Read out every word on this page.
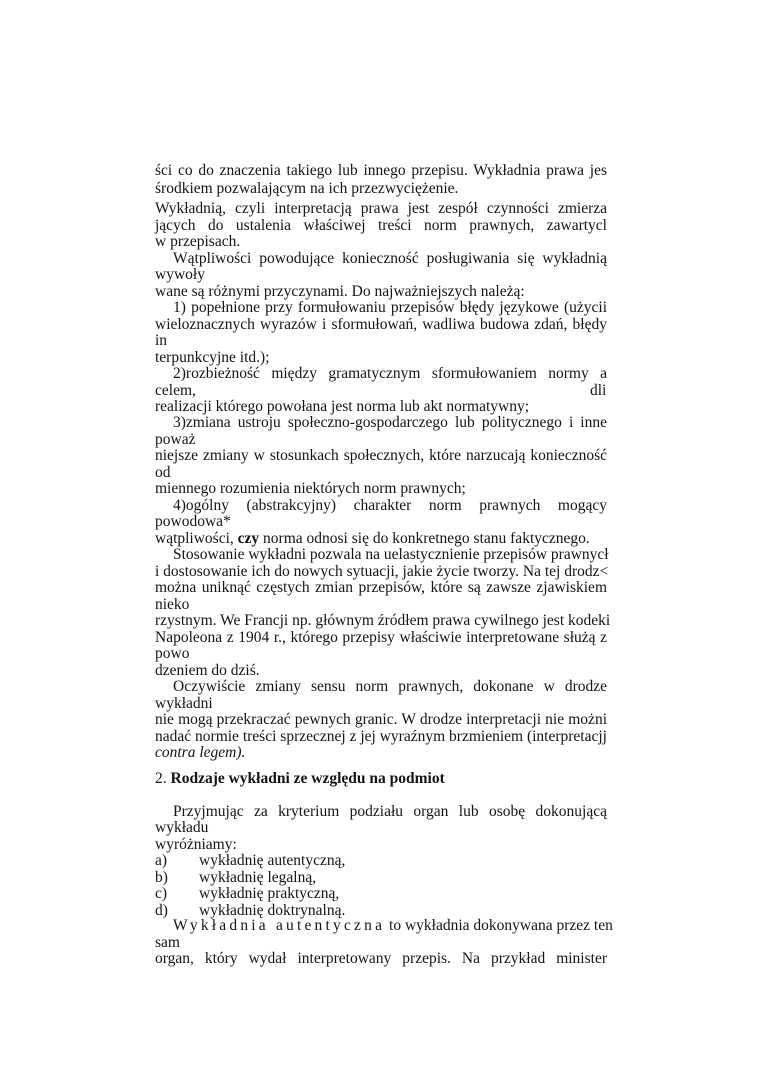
ści co do znaczenia takiego lub innego przepisu. Wykładnia prawa jes
środkiem pozwalającym na ich przezwyciężenie.
Wykładnią, czyli interpretacją prawa jest zespół czynności zmierza
jących do ustalenia właściwej treści norm prawnych, zawartycl
w przepisach.
Wątpliwości powodujące konieczność posługiwania się wykładnią
wywoły
wane są różnymi przyczynami. Do najważniejszych należą:
1) popełnione przy formułowaniu przepisów błędy językowe (użycii
wieloznacznych wyrazów i sformułowań, wadliwa budowa zdań, błędy
in
terpunkcyjne itd.);
2)rozbieżność między gramatycznym sformułowaniem normy a
celem,	dli
realizacji którego powołana jest norma lub akt normatywny;
3)zmiana ustroju społeczno-gospodarczego lub politycznego i inne
poważ
niejsze zmiany w stosunkach społecznych, które narzucają konieczność
od
miennego rozumienia niektórych norm prawnych;
4)ogólny (abstrakcyjny) charakter norm prawnych mogący
powodowa*
wątpliwości, czy norma odnosi się do konkretnego stanu faktycznego.
Stosowanie wykładni pozwala na uelastycznienie przepisów prawnycł
i dostosowanie ich do nowych sytuacji, jakie życie tworzy. Na tej drodz<
można uniknąć częstych zmian przepisów, które są zawsze zjawiskiem
nieko
rzystnym. We Francji np. głównym źródłem prawa cywilnego jest kodeki
Napoleona z 1904 r., którego przepisy właściwie interpretowane służą z
powo
dzeniem do dziś.
Oczywiście zmiany sensu norm prawnych, dokonane w drodze
wykładni
nie mogą przekraczać pewnych granic. W drodze interpretacji nie możni
nadać normie treści sprzecznej z jej wyraźnym brzmieniem (interpretacjj
contra legem).
2. Rodzaje wykładni ze względu na podmiot
Przyjmując za kryterium podziału organ lub osobę dokonującą
wykładu
wyróżniamy:
a) wykładnię autentyczną,
b) wykładnię legalną,
c) wykładnię praktyczną,
d) wykładnię doktrynalną.
Wykładnia autentyczna to wykładnia dokonywana przez ten
sam
organ, który wydał interpretowany przepis. Na przykład minister
